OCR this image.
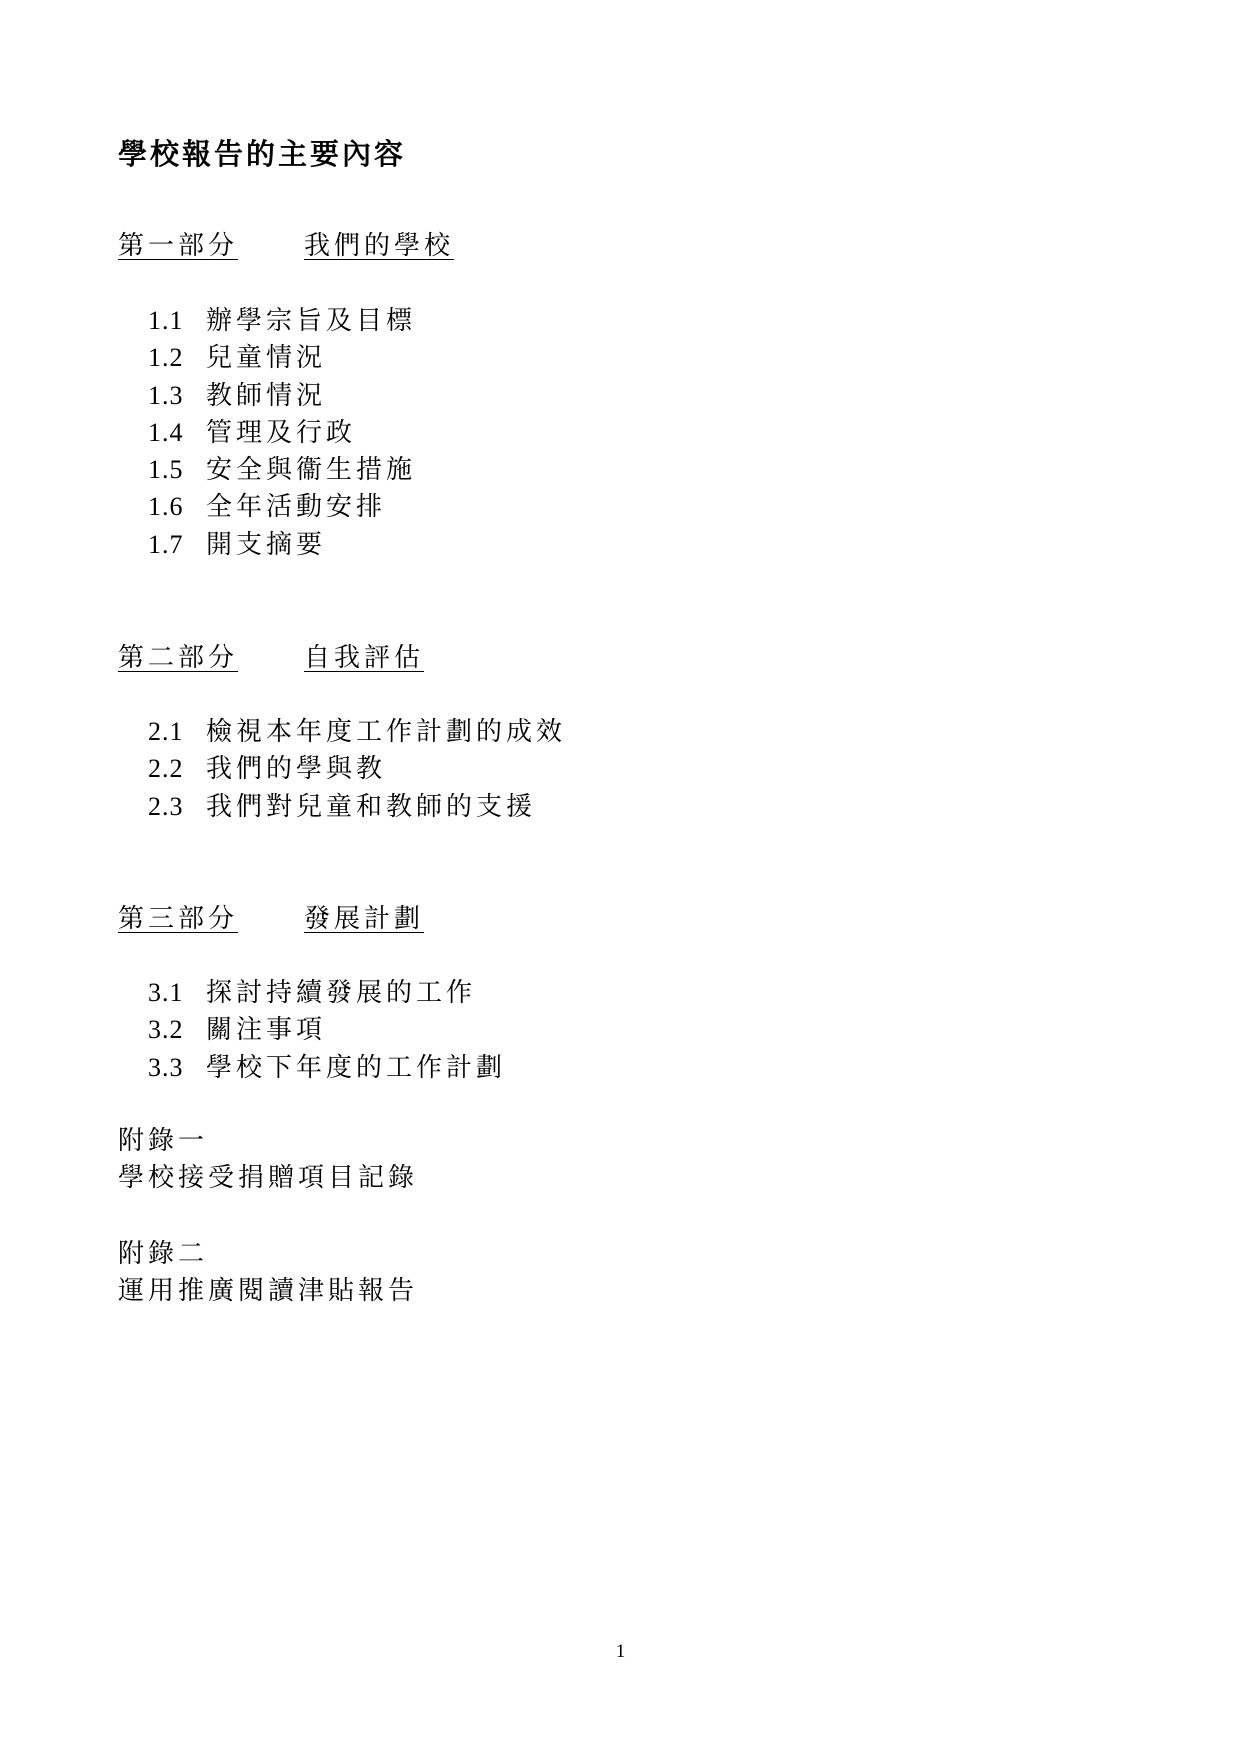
學校報告的主要內容
第一部分	我們的學校
1.1 辦學宗旨及目標
1.2 兒童情況
1.3 教師情況
1.4 管理及行政
1.5 安全與衞生措施
1.6 全年活動安排
1.7 開支摘要
第二部分	自我評估
2.1 檢視本年度工作計劃的成效
2.2 我們的學與教
2.3 我們對兒童和教師的支援
第三部分	發展計劃
3.1 探討持續發展的工作
3.2 關注事項
3.3 學校下年度的工作計劃
附錄一
學校接受捐贈項目記錄
附錄二
運用推廣閱讀津貼報告
1
